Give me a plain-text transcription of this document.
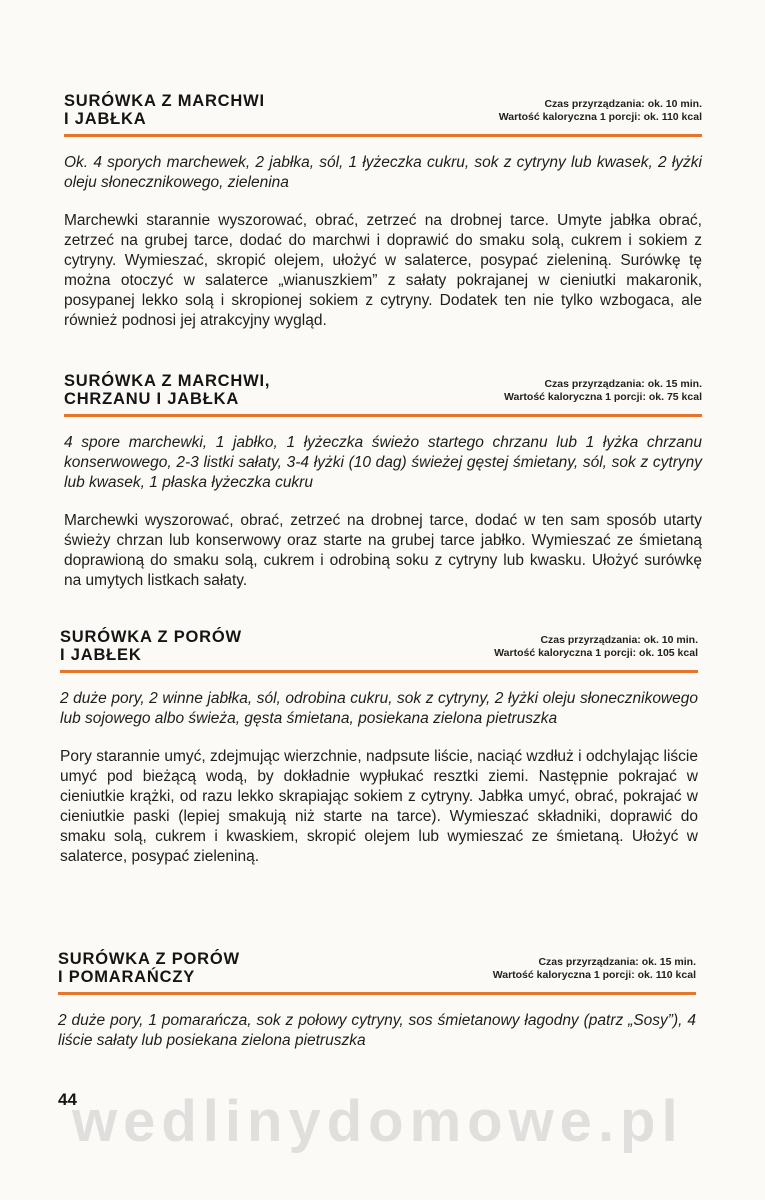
SURÓWKA Z MARCHWI
I JABŁKA
Czas przyrządzania: ok. 10 min.
Wartość kaloryczna 1 porcji: ok. 110 kcal

Ok. 4 sporych marchewek, 2 jabłka, sól, 1 łyżeczka cukru, sok z cytryny lub kwasek, 2 łyżki oleju słonecznikowego, zielenina

Marchewki starannie wyszorować, obrać, zetrzeć na drobnej tarce. Umyte jabłka obrać, zetrzeć na grubej tarce, dodać do marchwi i doprawić do smaku solą, cukrem i sokiem z cytryny. Wymieszać, skropić olejem, ułożyć w salaterce, posypać zieleniną. Surówkę tę można otoczyć w salaterce „wianuszkiem” z sałaty pokrajanej w cieniutki makaronik, posypanej lekko solą i skropionej sokiem z cytryny. Dodatek ten nie tylko wzbogaca, ale również podnosi jej atrakcyjny wygląd.

SURÓWKA Z MARCHWI,
CHRZANU I JABŁKA
Czas przyrządzania: ok. 15 min.
Wartość kaloryczna 1 porcji: ok. 75 kcal

4 spore marchewki, 1 jabłko, 1 łyżeczka świeżo startego chrzanu lub 1 łyżka chrzanu konserwowego, 2-3 listki sałaty, 3-4 łyżki (10 dag) świeżej gęstej śmietany, sól, sok z cytryny lub kwasek, 1 płaska łyżeczka cukru

Marchewki wyszorować, obrać, zetrzeć na drobnej tarce, dodać w ten sam sposób utarty świeży chrzan lub konserwowy oraz starte na grubej tarce jabłko. Wymieszać ze śmietaną doprawioną do smaku solą, cukrem i odrobiną soku z cytryny lub kwasku. Ułożyć surówkę na umytych listkach sałaty.

SURÓWKA Z PORÓW
I JABŁEK
Czas przyrządzania: ok. 10 min.
Wartość kaloryczna 1 porcji: ok. 105 kcal

2 duże pory, 2 winne jabłka, sól, odrobina cukru, sok z cytryny, 2 łyżki oleju słonecznikowego lub sojowego albo świeża, gęsta śmietana, posiekana zielona pietruszka

Pory starannie umyć, zdejmując wierzchnie, nadpsute liście, naciąć wzdłuż i odchylając liście umyć pod bieżącą wodą, by dokładnie wypłukać resztki ziemi. Następnie pokrajać w cieniutkie krążki, od razu lekko skrapiając sokiem z cytryny. Jabłka umyć, obrać, pokrajać w cieniutkie paski (lepiej smakują niż starte na tarce). Wymieszać składniki, doprawić do smaku solą, cukrem i kwaskiem, skropić olejem lub wymieszać ze śmietaną. Ułożyć w salaterce, posypać zieleniną.

SURÓWKA Z PORÓW
I POMARAŃCZY
Czas przyrządzania: ok. 15 min.
Wartość kaloryczna 1 porcji: ok. 110 kcal

2 duże pory, 1 pomarańcza, sok z połowy cytryny, sos śmietanowy łagodny (patrz „Sosy”), 4 liście sałaty lub posiekana zielona pietruszka

wedlinydomowe.pl
44
